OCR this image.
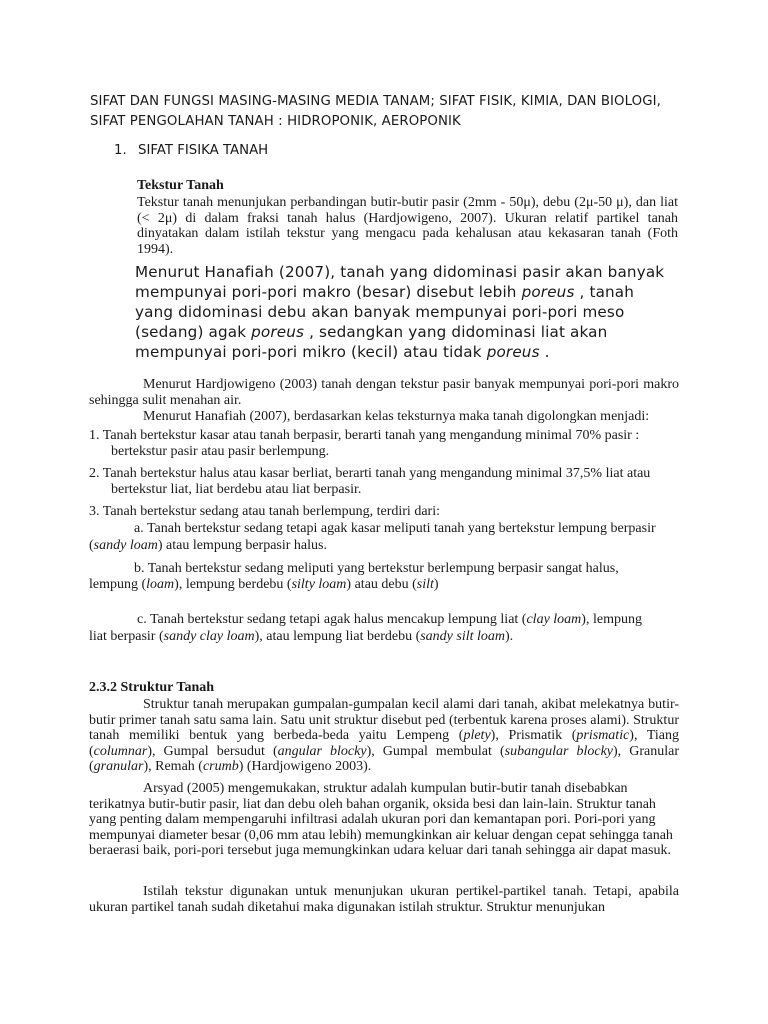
SIFAT DAN FUNGSI MASING-MASING MEDIA TANAM; SIFAT FISIK, KIMIA, DAN BIOLOGI, SIFAT PENGOLAHAN TANAH : HIDROPONIK, AEROPONIK

1. SIFAT FISIKA TANAH
Tekstur Tanah

Tekstur tanah menunjukan perbandingan butir-butir pasir (2mm - 50μ), debu (2μ-50 μ), dan liat (< 2μ) di dalam fraksi tanah halus (Hardjowigeno, 2007). Ukuran relatif partikel tanah dinyatakan dalam istilah tekstur yang mengacu pada kehalusan atau kekasaran tanah (Foth 1994).

Menurut Hanafiah (2007), tanah yang didominasi pasir akan banyak mempunyai pori-pori makro (besar) disebut lebih poreus , tanah yang didominasi debu akan banyak mempunyai pori-pori meso (sedang) agak poreus , sedangkan yang didominasi liat akan mempunyai pori-pori mikro (kecil) atau tidak poreus .

Menurut Hardjowigeno (2003) tanah dengan tekstur pasir banyak mempunyai pori-pori makro sehingga sulit menahan air.

Menurut Hanafiah (2007), berdasarkan kelas teksturnya maka tanah digolongkan menjadi:

1. Tanah bertekstur kasar atau tanah berpasir, berarti tanah yang mengandung minimal 70% pasir :

bertekstur pasir atau pasir berlempung.

2. Tanah bertekstur halus atau kasar berliat, berarti tanah yang mengandung minimal 37,5% liat atau

bertekstur liat, liat berdebu atau liat berpasir.

3. Tanah bertekstur sedang atau tanah berlempung, terdiri dari:

a. Tanah bertekstur sedang tetapi agak kasar meliputi tanah yang bertekstur lempung berpasir

(sandy loam) atau lempung berpasir halus.

b. Tanah bertekstur sedang meliputi yang bertekstur berlempung berpasir sangat halus,

lempung (loam), lempung berdebu (silty loam) atau debu (silt)

c. Tanah bertekstur sedang tetapi agak halus mencakup lempung liat (clay loam), lempung

liat berpasir (sandy clay loam), atau lempung liat berdebu (sandy silt loam).

2.3.2 Struktur Tanah

Struktur tanah merupakan gumpalan-gumpalan kecil alami dari tanah, akibat melekatnya butir-butir primer tanah satu sama lain. Satu unit struktur disebut ped (terbentuk karena proses alami). Struktur tanah memiliki bentuk yang berbeda-beda yaitu Lempeng (plety), Prismatik (prismatic), Tiang (columnar), Gumpal bersudut (angular blocky), Gumpal membulat (subangular blocky), Granular (granular), Remah (crumb) (Hardjowigeno 2003).

Arsyad (2005) mengemukakan, struktur adalah kumpulan butir-butir tanah disebabkan terikatnya butir-butir pasir, liat dan debu oleh bahan organik, oksida besi dan lain-lain. Struktur tanah yang penting dalam mempengaruhi infiltrasi adalah ukuran pori dan kemantapan pori. Pori-pori yang mempunyai diameter besar (0,06 mm atau lebih) memungkinkan air keluar dengan cepat sehingga tanah beraerasi baik, pori-pori tersebut juga memungkinkan udara keluar dari tanah sehingga air dapat masuk.

Istilah tekstur digunakan untuk menunjukan ukuran pertikel-partikel tanah. Tetapi, apabila ukuran partikel tanah sudah diketahui maka digunakan istilah struktur. Struktur menunjukan
